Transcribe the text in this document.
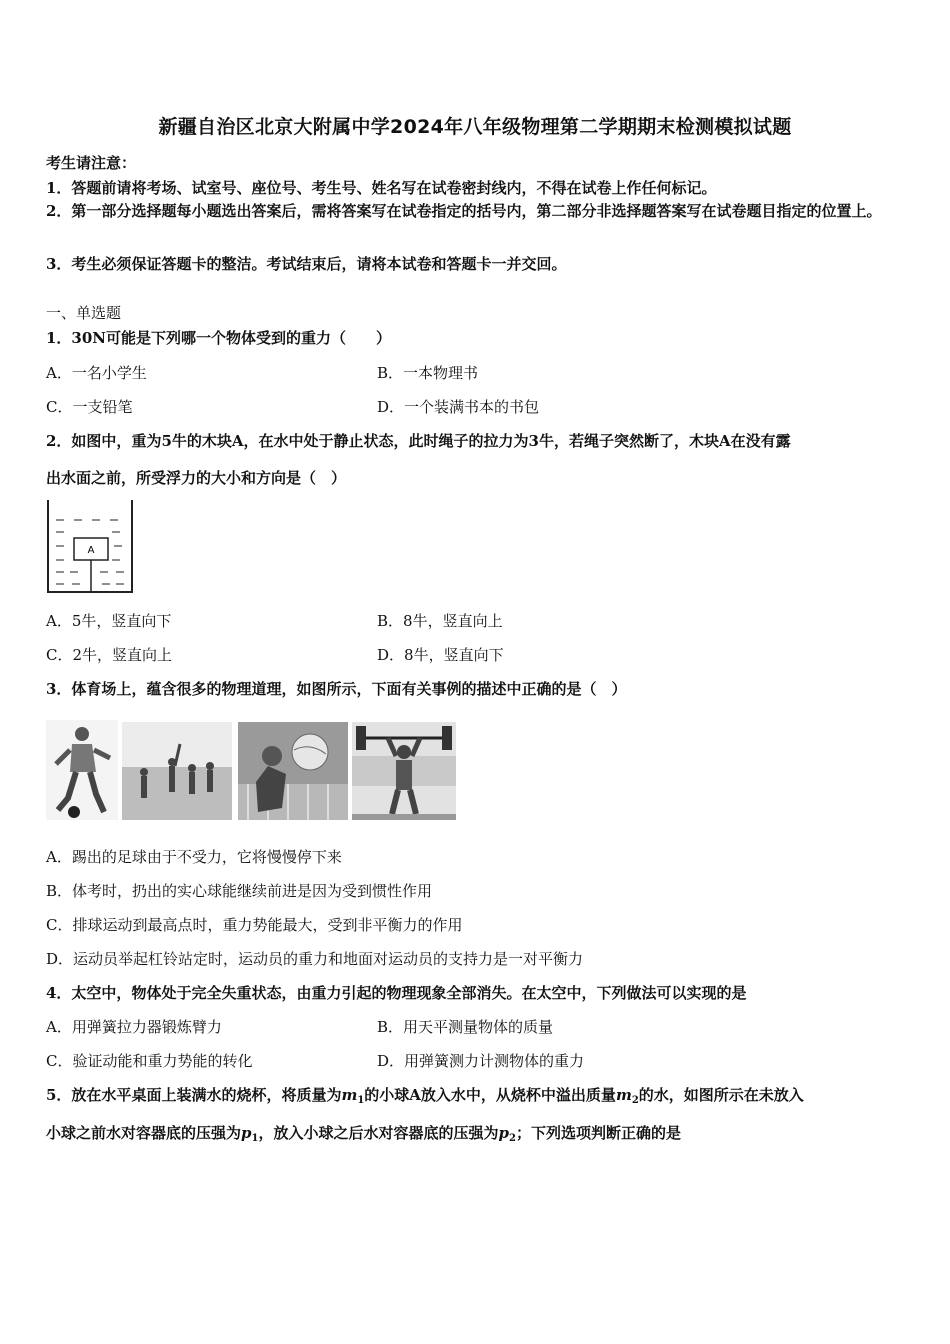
新疆自治区北京大附属中学2024年八年级物理第二学期期末检测模拟试题
考生请注意：
1．答题前请将考场、试室号、座位号、考生号、姓名写在试卷密封线内，不得在试卷上作任何标记。
2．第一部分选择题每小题选出答案后，需将答案写在试卷指定的括号内，第二部分非选择题答案写在试卷题目指定的位置上。
3．考生必须保证答题卡的整洁。考试结束后，请将本试卷和答题卡一并交回。
一、单选题
1．30N可能是下列哪一个物体受到的重力（　　）
A．一名小学生	B．一本物理书
C．一支铅笔	D．一个装满书本的书包
2．如图中，重为5牛的木块A，在水中处于静止状态，此时绳子的拉力为3牛，若绳子突然断了，木块A在没有露
出水面之前，所受浮力的大小和方向是（　）
A
A．5牛，竖直向下	B．8牛，竖直向上
C．2牛，竖直向上	D．8牛，竖直向下
3．体育场上，蕴含很多的物理道理，如图所示，下面有关事例的描述中正确的是（　）
A．踢出的足球由于不受力，它将慢慢停下来
B．体考时，扔出的实心球能继续前进是因为受到惯性作用
C．排球运动到最高点时，重力势能最大，受到非平衡力的作用
D．运动员举起杠铃站定时，运动员的重力和地面对运动员的支持力是一对平衡力
4．太空中，物体处于完全失重状态，由重力引起的物理现象全部消失。在太空中，下列做法可以实现的是
A．用弹簧拉力器锻炼臂力	B．用天平测量物体的质量
C．验证动能和重力势能的转化	D．用弹簧测力计测物体的重力
5．放在水平桌面上装满水的烧杯，将质量为$m_1$的小球A放入水中，从烧杯中溢出质量$m_2$的水，如图所示在未放入
小球之前水对容器底的压强为$p_1$，放入小球之后水对容器底的压强为$p_2$；下列选项判断正确的是
